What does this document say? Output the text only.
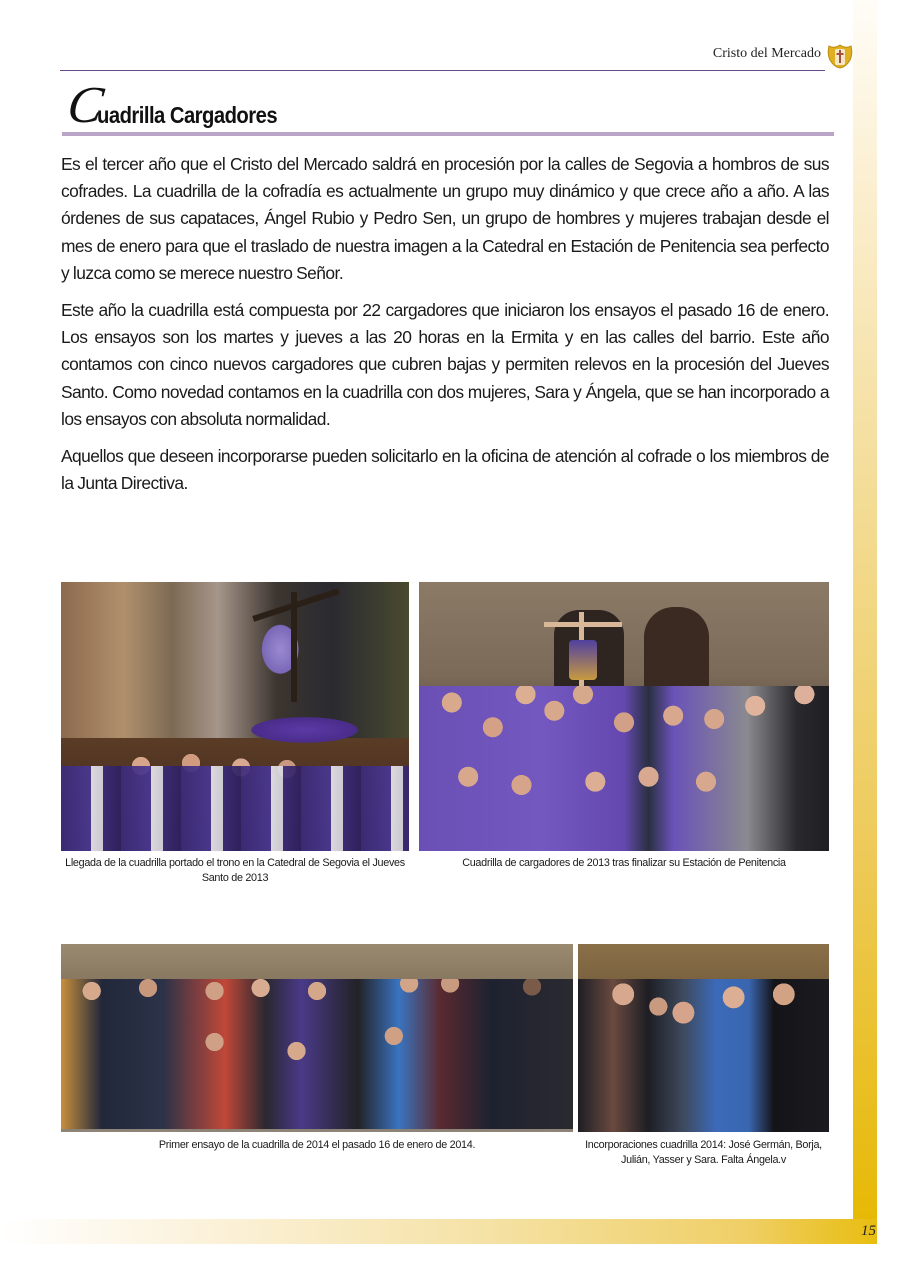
15
Cristo del Mercado
C
uadrilla Cargadores

Es el tercer año que el Cristo del Mercado saldrá en procesión por la calles de Segovia a hombros de sus cofrades. La cuadrilla de la cofradía es actualmente un grupo muy dinámico y que crece año a año. A las órdenes de sus capataces, Ángel Rubio y Pedro Sen, un grupo de hombres y mujeres trabajan desde el mes de enero para que el traslado de nuestra imagen a la Catedral en Estación de Penitencia sea perfecto y luzca como se merece nuestro Señor.

Este año la cuadrilla está compuesta por 22 cargadores que iniciaron los ensayos el pasado 16 de enero. Los ensayos son los martes y jueves a las 20 horas en la Ermita y en las calles del barrio. Este año contamos con cinco nuevos cargadores que cubren bajas y permiten relevos en la procesión del Jueves Santo. Como novedad contamos en la cuadrilla con dos mujeres, Sara y Ángela, que se han incorporado a los ensayos con absoluta normalidad.

Aquellos que deseen incorporarse pueden solicitarlo en la oficina de atención al cofrade o los miembros de la Junta Directiva.

Llegada de la cuadrilla portado el trono en la Catedral de Segovia el Jueves Santo de 2013
Cuadrilla de cargadores de 2013 tras finalizar su Estación de Penitencia
Primer ensayo de la cuadrilla de 2014 el pasado 16 de enero de 2014.	Incorporaciones cuadrilla 2014: José Germán, Borja, Julián, Yasser y Sara. Falta Ángela.v
